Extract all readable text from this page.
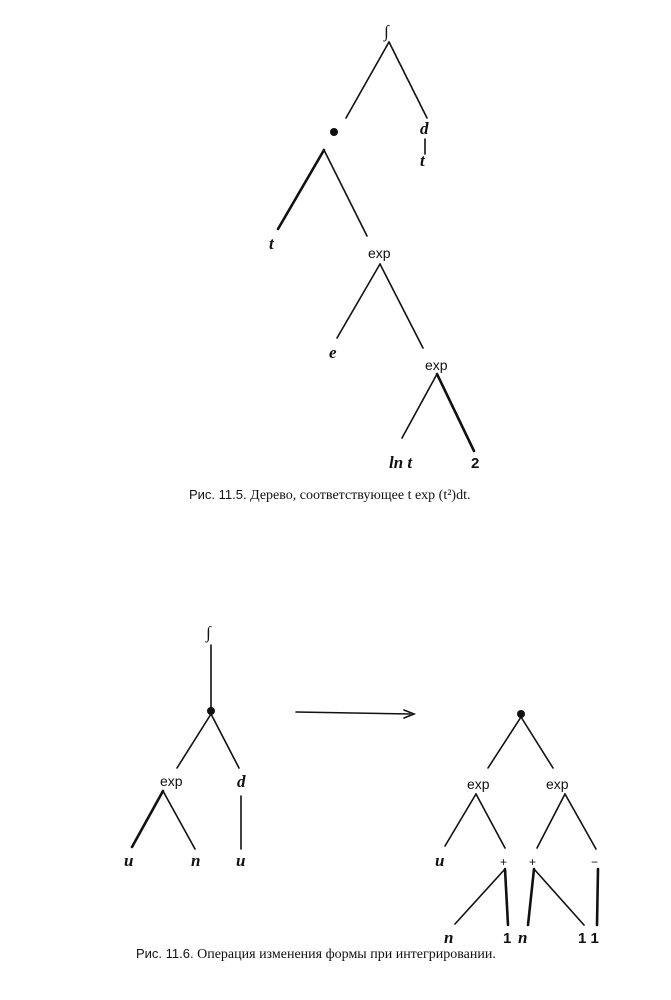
∫
d
t
t	exp
e
exp
ln t	2
∫
exp	d
u	n u
exp	exp
u	+ +	−
n	1 n	1 1
Рис. 11.5. Дерево, соответствующее t exp (t²)dt.
Рис. 11.6. Операция изменения формы при интегрировании.
